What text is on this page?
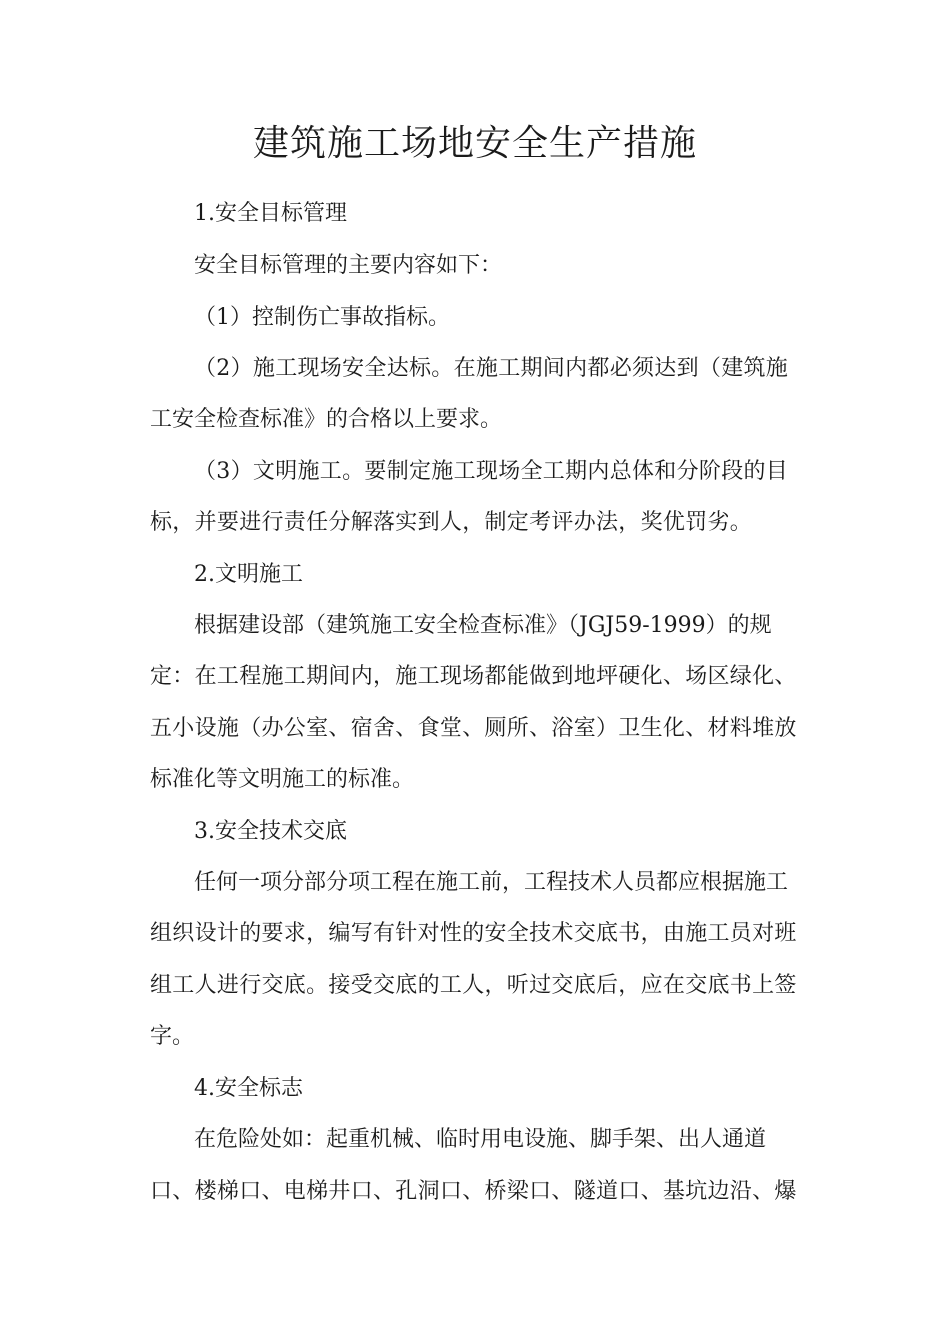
建筑施工场地安全生产措施
1.安全目标管理
安全目标管理的主要内容如下：
（1）控制伤亡事故指标。
（2）施工现场安全达标。在施工期间内都必须达到（建筑施
工安全检查标准》的合格以上要求。
（3）文明施工。要制定施工现场全工期内总体和分阶段的目
标，并要进行责任分解落实到人，制定考评办法，奖优罚劣。
2.文明施工
根据建设部（建筑施工安全检查标准》（JGJ59-1999）的规
定：在工程施工期间内，施工现场都能做到地坪硬化、场区绿化、
五小设施（办公室、宿舍、食堂、厕所、浴室）卫生化、材料堆放
标准化等文明施工的标准。
3.安全技术交底
任何一项分部分项工程在施工前，工程技术人员都应根据施工
组织设计的要求，编写有针对性的安全技术交底书，由施工员对班
组工人进行交底。接受交底的工人，听过交底后，应在交底书上签
字。
4.安全标志
在危险处如：起重机械、临时用电设施、脚手架、出人通道
口、楼梯口、电梯井口、孔洞口、桥梁口、隧道口、基坑边沿、爆
